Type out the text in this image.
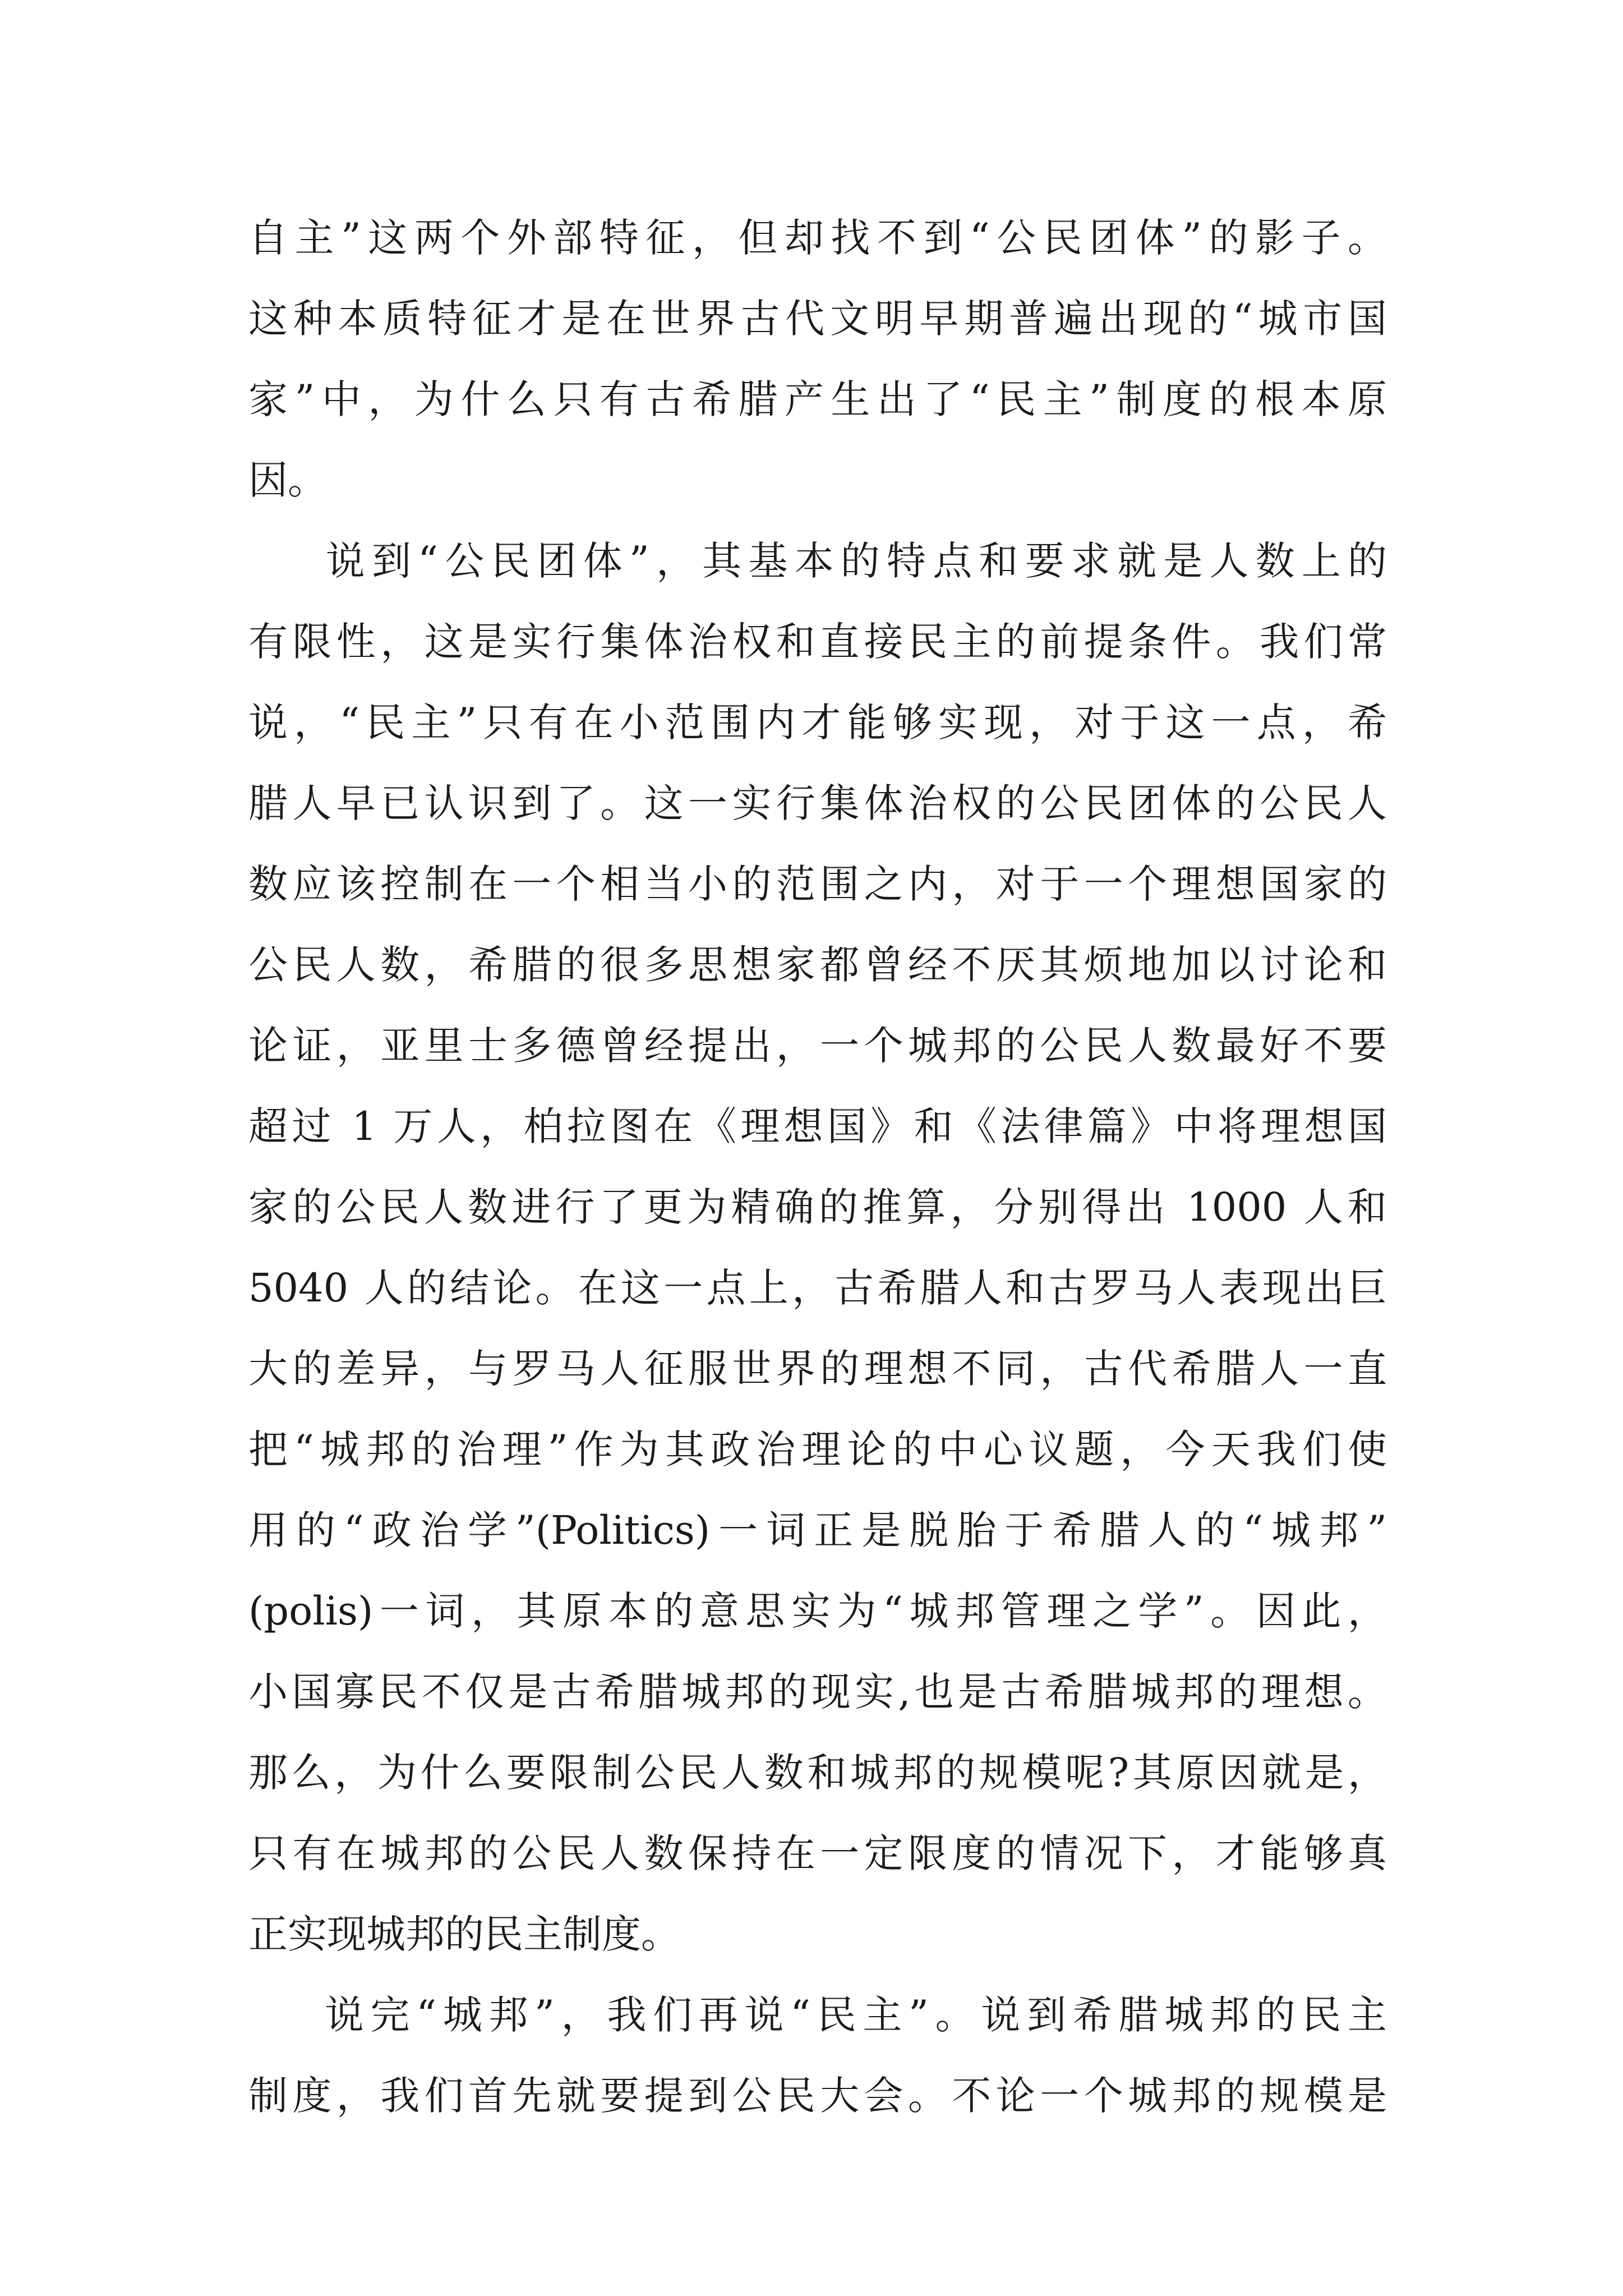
自主”这两个外部特征，但却找不到“公民团体”的影子。
这种本质特征才是在世界古代文明早期普遍出现的“城市国
家”中，为什么只有古希腊产生出了“民主”制度的根本原
因。
说到“公民团体”，其基本的特点和要求就是人数上的
有限性，这是实行集体治权和直接民主的前提条件。我们常
说，“民主”只有在小范围内才能够实现，对于这一点，希
腊人早已认识到了。这一实行集体治权的公民团体的公民人
数应该控制在一个相当小的范围之内，对于一个理想国家的
公民人数，希腊的很多思想家都曾经不厌其烦地加以讨论和
论证，亚里士多德曾经提出，一个城邦的公民人数最好不要
超过 1 万人，柏拉图在《理想国》和《法律篇》中将理想国
家的公民人数进行了更为精确的推算，分别得出 1000 人和
5040 人的结论。在这一点上，古希腊人和古罗马人表现出巨
大的差异，与罗马人征服世界的理想不同，古代希腊人一直
把“城邦的治理”作为其政治理论的中心议题，今天我们使
用的“政治学”(Politics)一词正是脱胎于希腊人的“城邦”
(polis)一词，其原本的意思实为“城邦管理之学”。因此，
小国寡民不仅是古希腊城邦的现实,也是古希腊城邦的理想。
那么，为什么要限制公民人数和城邦的规模呢?其原因就是，
只有在城邦的公民人数保持在一定限度的情况下，才能够真
正实现城邦的民主制度。
说完“城邦”，我们再说“民主”。说到希腊城邦的民主
制度，我们首先就要提到公民大会。不论一个城邦的规模是
